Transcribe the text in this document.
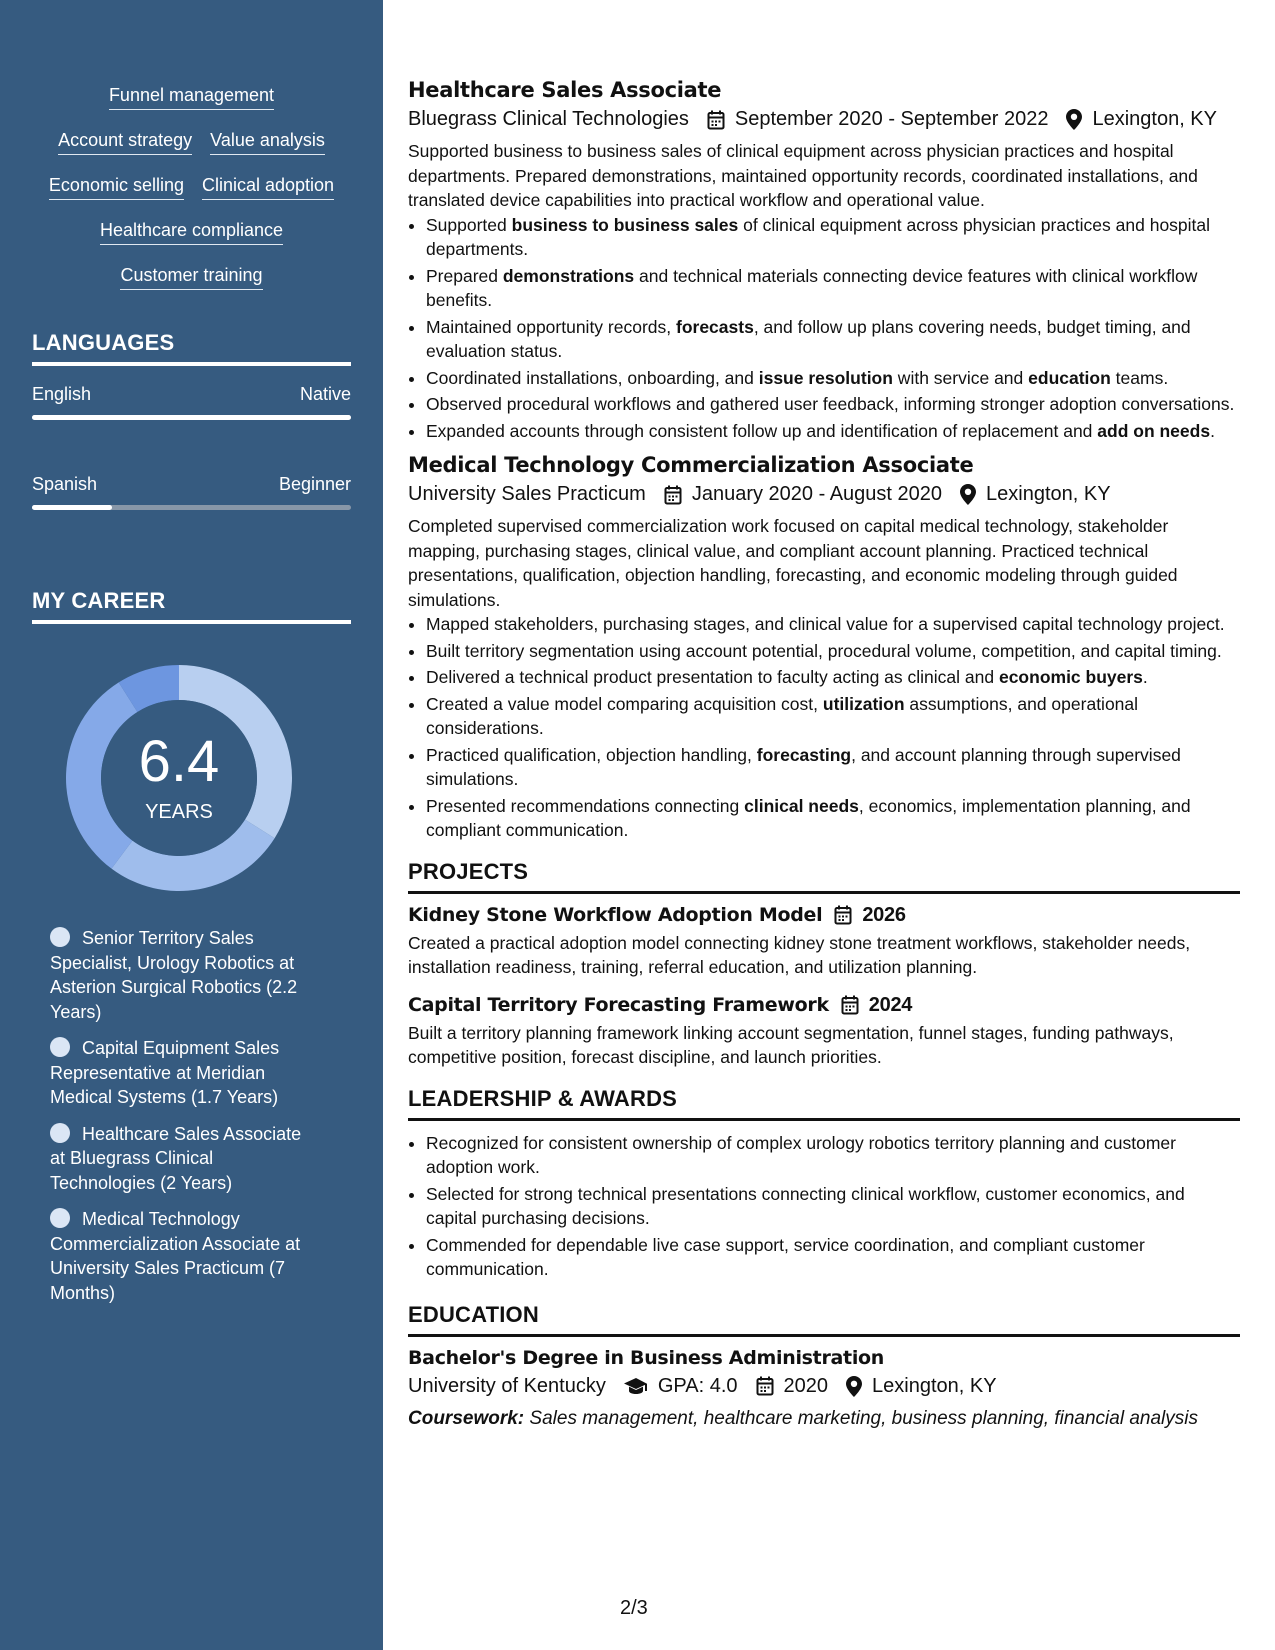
Funnel management
Account strategy Value analysis
Economic selling Clinical adoption
Healthcare compliance
Customer training
LANGUAGES
English	Native
Spanish	Beginner
MY CAREER
6.4
YEARS
Senior Territory Sales Specialist, Urology Robotics at Asterion Surgical Robotics (2.2 Years)
Capital Equipment Sales Representative at Meridian Medical Systems (1.7 Years)
Healthcare Sales Associate at Bluegrass Clinical Technologies (2 Years)
Medical Technology Commercialization Associate at University Sales Practicum (7 Months)
Healthcare Sales Associate
Bluegrass Clinical Technologies September 2020 - September 2022 Lexington, KY

Supported business to business sales of clinical equipment across physician practices and hospital departments. Prepared demonstrations, maintained opportunity records, coordinated installations, and translated device capabilities into practical workflow and operational value.

• Supported business to business sales of clinical equipment across physician practices and hospital departments.
• Prepared demonstrations and technical materials connecting device features with clinical workflow benefits.
• Maintained opportunity records, forecasts, and follow up plans covering needs, budget timing, and evaluation status.
• Coordinated installations, onboarding, and issue resolution with service and education teams.
• Observed procedural workflows and gathered user feedback, informing stronger adoption conversations.
• Expanded accounts through consistent follow up and identification of replacement and add on needs.
Medical Technology Commercialization Associate
University Sales Practicum January 2020 - August 2020 Lexington, KY

Completed supervised commercialization work focused on capital medical technology, stakeholder mapping, purchasing stages, clinical value, and compliant account planning. Practiced technical presentations, qualification, objection handling, forecasting, and economic modeling through guided simulations.

• Mapped stakeholders, purchasing stages, and clinical value for a supervised capital technology project.
• Built territory segmentation using account potential, procedural volume, competition, and capital timing.
• Delivered a technical product presentation to faculty acting as clinical and economic buyers.
• Created a value model comparing acquisition cost, utilization assumptions, and operational considerations.
• Practiced qualification, objection handling, forecasting, and account planning through supervised simulations.
• Presented recommendations connecting clinical needs, economics, implementation planning, and compliant communication.
PROJECTS
Kidney Stone Workflow Adoption Model 2026

Created a practical adoption model connecting kidney stone treatment workflows, stakeholder needs, installation readiness, training, referral education, and utilization planning.

Capital Territory Forecasting Framework 2024

Built a territory planning framework linking account segmentation, funnel stages, funding pathways, competitive position, forecast discipline, and launch priorities.

LEADERSHIP & AWARDS
• Recognized for consistent ownership of complex urology robotics territory planning and customer adoption work.
• Selected for strong technical presentations connecting clinical workflow, customer economics, and capital purchasing decisions.
• Commended for dependable live case support, service coordination, and compliant customer communication.
EDUCATION
Bachelor's Degree in Business Administration
University of Kentucky	GPA: 4.0 2020 Lexington, KY
Coursework: Sales management, healthcare marketing, business planning, financial analysis
2/3
